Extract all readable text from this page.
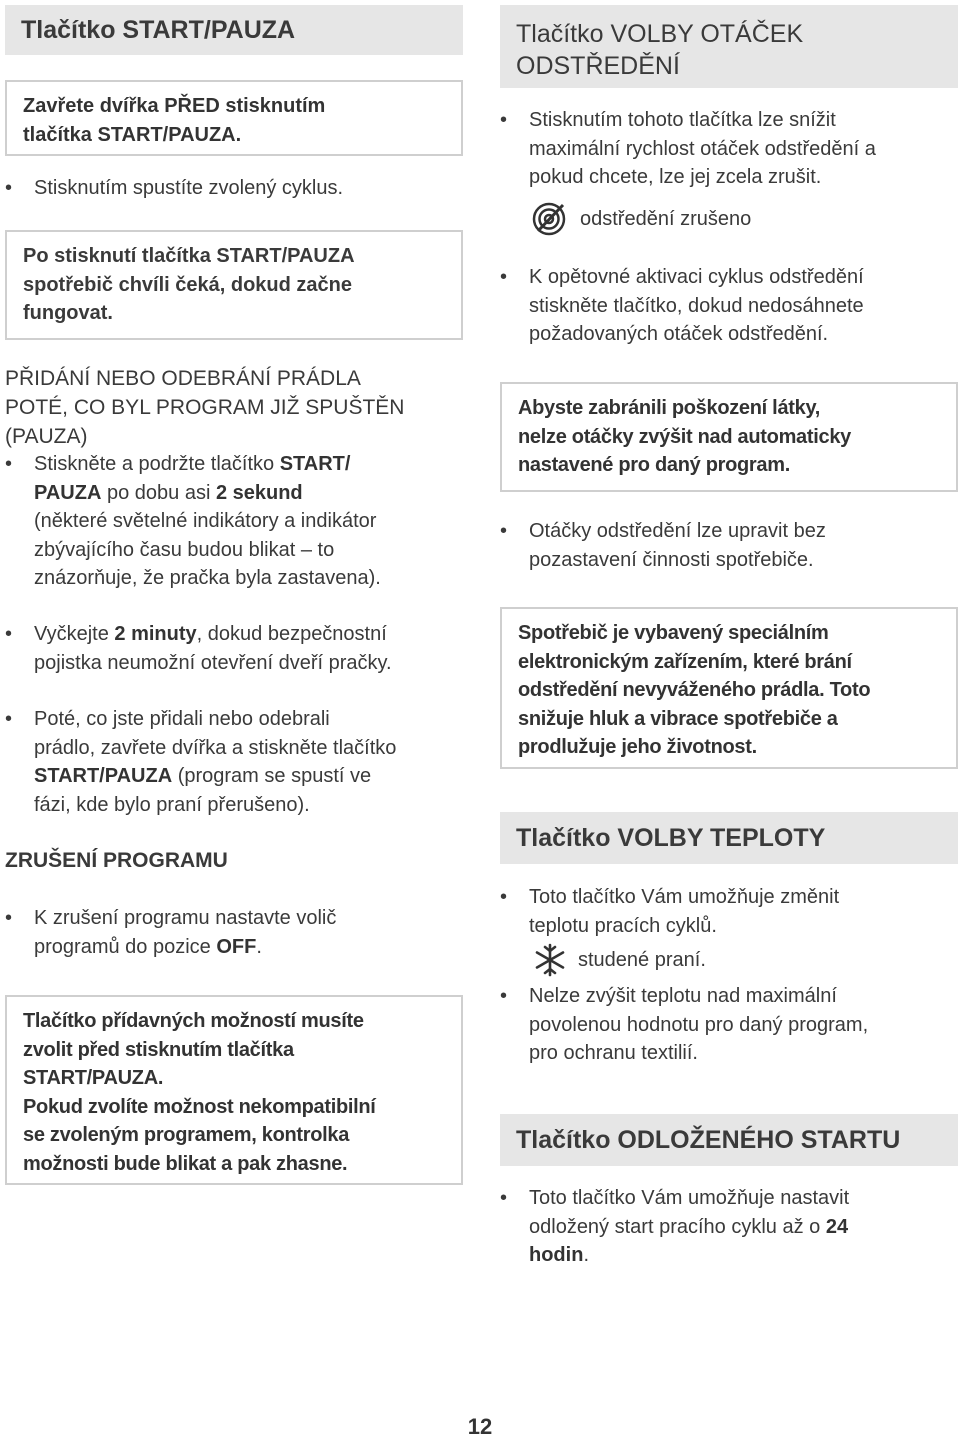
Tlačítko START/PAUZA
Zavřete dvířka PŘED stisknutím
tlačítka START/PAUZA.
• Stisknutím spustíte zvolený cyklus.
Po stisknutí tlačítka START/PAUZA
spotřebič chvíli čeká, dokud začne
fungovat.
PŘIDÁNÍ NEBO ODEBRÁNÍ PRÁDLA
POTÉ, CO BYL PROGRAM JIŽ SPUŠTĚN
(PAUZA)
• Stiskněte a podržte tlačítko START/
PAUZA po dobu asi 2 sekund
(některé světelné indikátory a indikátor
zbývajícího času budou blikat – to
znázorňuje, že pračka byla zastavena).
• Vyčkejte 2 minuty, dokud bezpečnostní
pojistka neumožní otevření dveří pračky.
• Poté, co jste přidali nebo odebrali
prádlo, zavřete dvířka a stiskněte tlačítko
START/PAUZA (program se spustí ve
fázi, kde bylo praní přerušeno).
ZRUŠENÍ PROGRAMU
• K zrušení programu nastavte volič
programů do pozice OFF.
Tlačítko přídavných možností musíte
zvolit před stisknutím tlačítka
START/PAUZA.
Pokud zvolíte možnost nekompatibilní
se zvoleným programem, kontrolka
možnosti bude blikat a pak zhasne.
Tlačítko VOLBY OTÁČEK
ODSTŘEDĚNÍ
• Stisknutím tohoto tlačítka lze snížit
maximální rychlost otáček odstředění a
pokud chcete, lze jej zcela zrušit.
odstředění zrušeno
• K opětovné aktivaci cyklus odstředění
stiskněte tlačítko, dokud nedosáhnete
požadovaných otáček odstředění.
Abyste zabránili poškození látky,
nelze otáčky zvýšit nad automaticky
nastavené pro daný program.
• Otáčky odstředění lze upravit bez
pozastavení činnosti spotřebiče.
Spotřebič je vybavený speciálním
elektronickým zařízením, které brání
odstředění nevyváženého prádla. Toto
snižuje hluk a vibrace spotřebiče a
prodlužuje jeho životnost.
Tlačítko VOLBY TEPLOTY
• Toto tlačítko Vám umožňuje změnit
teplotu pracích cyklů.
studené praní.
• Nelze zvýšit teplotu nad maximální
povolenou hodnotu pro daný program,
pro ochranu textilií.
Tlačítko ODLOŽENÉHO STARTU
• Toto tlačítko Vám umožňuje nastavit
odložený start pracího cyklu až o 24
hodin.
12
